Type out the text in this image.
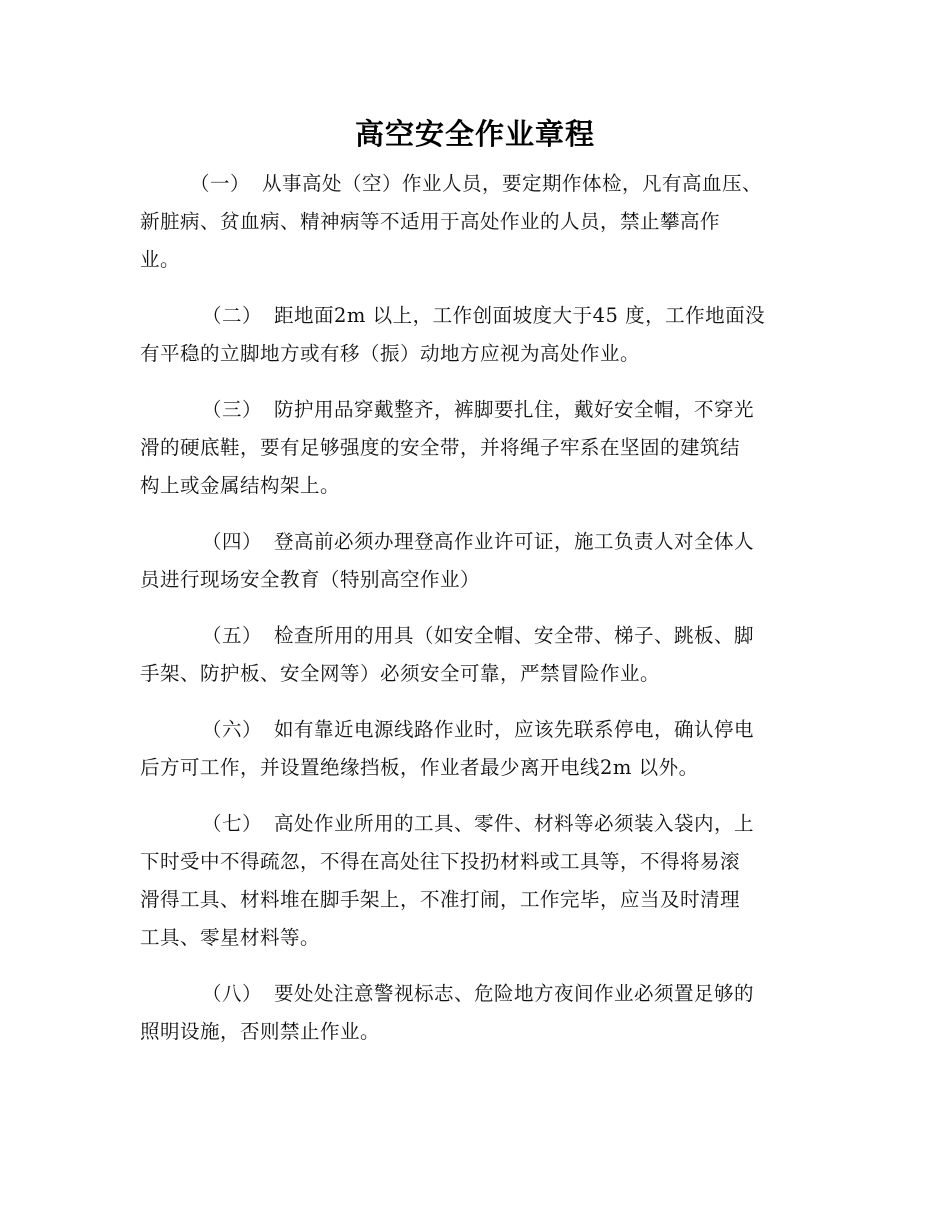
高空安全作业章程
（一） 从事高处（空）作业人员，要定期作体检，凡有高血压、
新脏病、贫血病、精神病等不适用于高处作业的人员，禁止攀高作
业。
（二） 距地面2m 以上，工作创面坡度大于45 度，工作地面没
有平稳的立脚地方或有移（振）动地方应视为高处作业。
（三） 防护用品穿戴整齐，裤脚要扎住，戴好安全帽，不穿光
滑的硬底鞋，要有足够强度的安全带，并将绳子牢系在坚固的建筑结
构上或金属结构架上。
（四） 登高前必须办理登高作业许可证，施工负责人对全体人
员进行现场安全教育（特别高空作业）
（五） 检查所用的用具（如安全帽、安全带、梯子、跳板、脚
手架、防护板、安全网等）必须安全可靠，严禁冒险作业。
（六） 如有靠近电源线路作业时，应该先联系停电，确认停电
后方可工作，并设置绝缘挡板，作业者最少离开电线2m 以外。
（七） 高处作业所用的工具、零件、材料等必须装入袋内，上
下时受中不得疏忽，不得在高处往下投扔材料或工具等，不得将易滚
滑得工具、材料堆在脚手架上，不准打闹，工作完毕，应当及时清理
工具、零星材料等。
（八） 要处处注意警视标志、危险地方夜间作业必须置足够的
照明设施，否则禁止作业。
